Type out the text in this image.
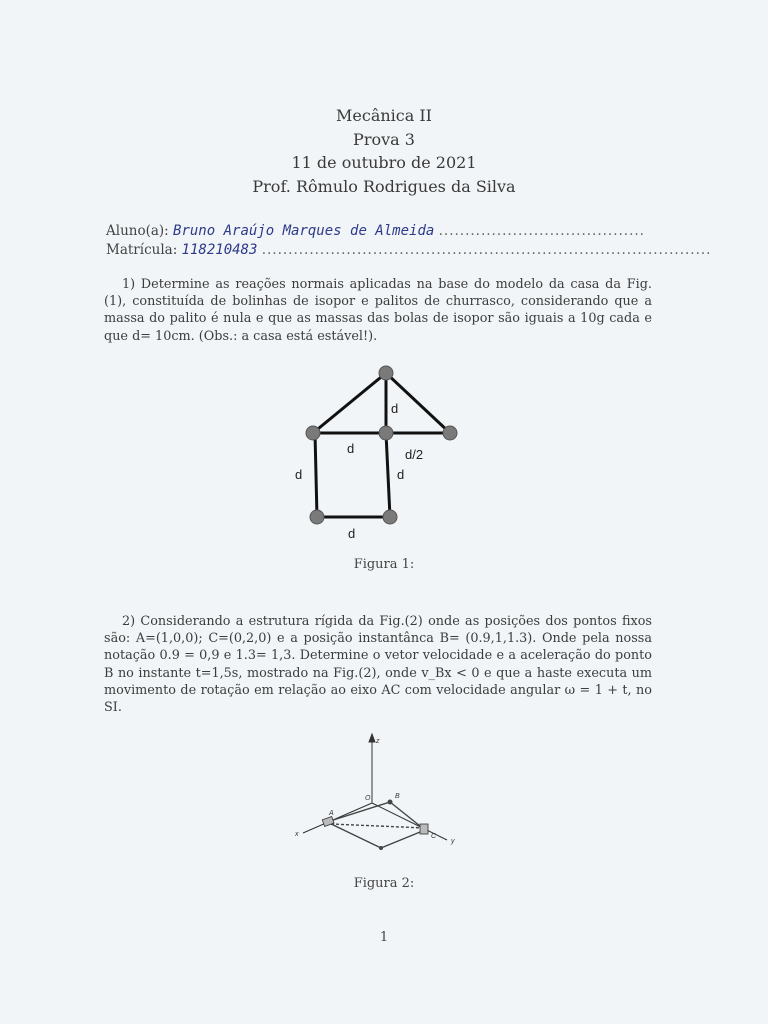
Mecânica II
Prova 3
11 de outubro de 2021
Prof. Rômulo Rodrigues da Silva
Aluno(a): Bruno Araújo Marques de Almeida .......................................
Matrícula: 118210483 .....................................................................................
1) Determine as reações normais aplicadas na base do modelo da casa da Fig.(1), constituída de bolinhas de isopor e palitos de churrasco, considerando que a massa do palito é nula e que as massas das bolas de isopor são iguais a 10g cada e que d= 10cm. (Obs.: a casa está estável!).
d
d	d/2
d	d
d
Figura 1:
2) Considerando a estrutura rígida da Fig.(2) onde as posições dos pontos fixos são: A=(1,0,0); C=(0,2,0) e a posição instantânca B= (0.9,1,1.3). Onde pela nossa notação 0.9 = 0,9 e 1.3= 1,3. Determine o vetor velocidade e a aceleração do ponto B no instante t=1,5s, mostrado na Fig.(2), onde v_Bx < 0 e que a haste executa um movimento de rotação em relação ao eixo AC com velocidade angular ω = 1 + t, no SI.
z
x
y
O
A
B
C
Figura 2:
1
